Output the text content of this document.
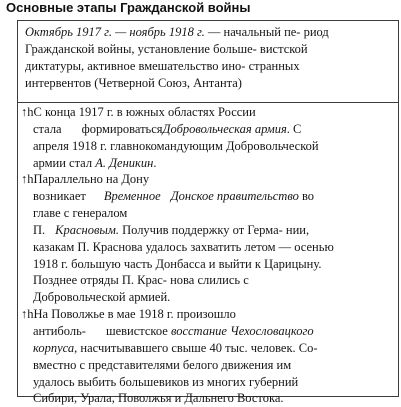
Основные этапы Гражданской войны
Октябрь 1917 г. — ноябрь 1918 г. — начальный пе- риод
Гражданской войны, установление больше- вистской
диктатуры, активное вмешательство ино- странных
интервентов (Четверной Союз, Антанта)
↑hС конца 1917 г. в южных областях России
стала формироватьсяДобровольческая армия. С
апреля 1918 г. главнокомандующим Добровольческой
армии стал А. Деникин.
↑hПараллельно на Дону
возникает Временное Донское правительство во
главе с генералом
П. Красновым. Получив поддержку от Герма- нии,
казакам П. Краснова удалось захватить летом — осенью
1918 г. большую часть Донбасса и выйти к Царицыну.
Позднее отряды П. Крас- нова слились с
Добровольческой армией.
↑hНа Поволжье в мае 1918 г. произошло
антиболь- шевистское восстание Чехословацкого
корпуса, насчитывавшего свыше 40 тыс. человек. Со-
вместно с представителями белого движения им
удалось выбить большевиков из многих губерний
Сибири, Урала, Поволжья и Дальнего Востока.
